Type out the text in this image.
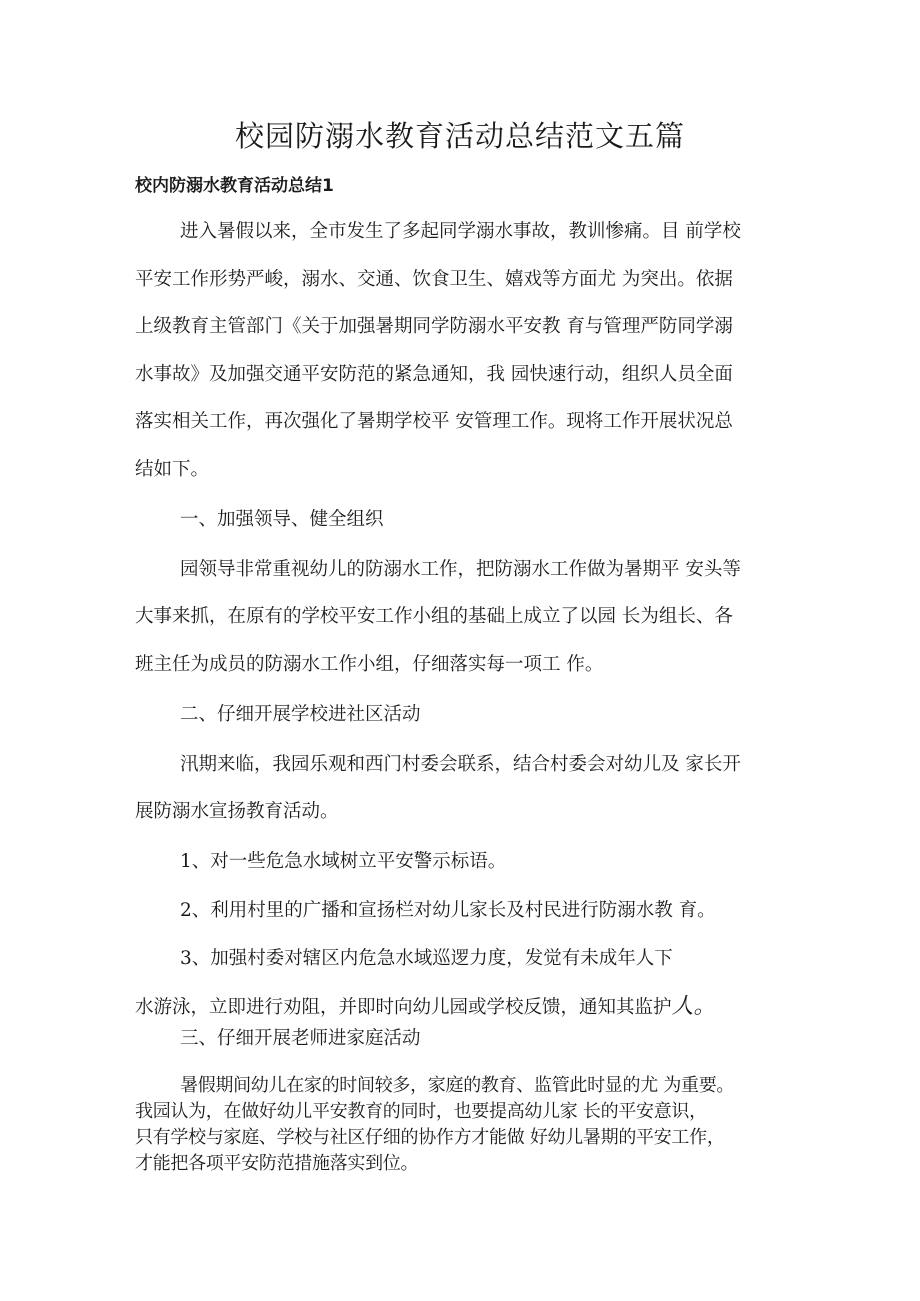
校园防溺水教育活动总结范文五篇
校内防溺水教育活动总结1
进入暑假以来，全市发生了多起同学溺水事故，教训惨痛。目 前学校
平安工作形势严峻，溺水、交通、饮食卫生、嬉戏等方面尤 为突出。依据
上级教育主管部门《关于加强暑期同学防溺水平安教 育与管理严防同学溺
水事故》及加强交通平安防范的紧急通知，我 园快速行动，组织人员全面
落实相关工作，再次强化了暑期学校平 安管理工作。现将工作开展状况总
结如下。
一、加强领导、健全组织
园领导非常重视幼儿的防溺水工作，把防溺水工作做为暑期平 安头等
大事来抓，在原有的学校平安工作小组的基础上成立了以园 长为组长、各
班主任为成员的防溺水工作小组，仔细落实每一项工 作。
二、仔细开展学校进社区活动
汛期来临，我园乐观和西门村委会联系，结合村委会对幼儿及 家长开
展防溺水宣扬教育活动。
1、对一些危急水域树立平安警示标语。
2、利用村里的广播和宣扬栏对幼儿家长及村民进行防溺水教 育。
3、加强村委对辖区内危急水域巡逻力度，发觉有未成年人下
水游泳，立即进行劝阻，并即时向幼儿园或学校反馈，通知其监护人。
三、仔细开展老师进家庭活动
暑假期间幼儿在家的时间较多，家庭的教育、监管此时显的尤 为重要。
我园认为，在做好幼儿平安教育的同时，也要提高幼儿家 长的平安意识，
只有学校与家庭、学校与社区仔细的协作方才能做 好幼儿暑期的平安工作，
才能把各项平安防范措施落实到位。
